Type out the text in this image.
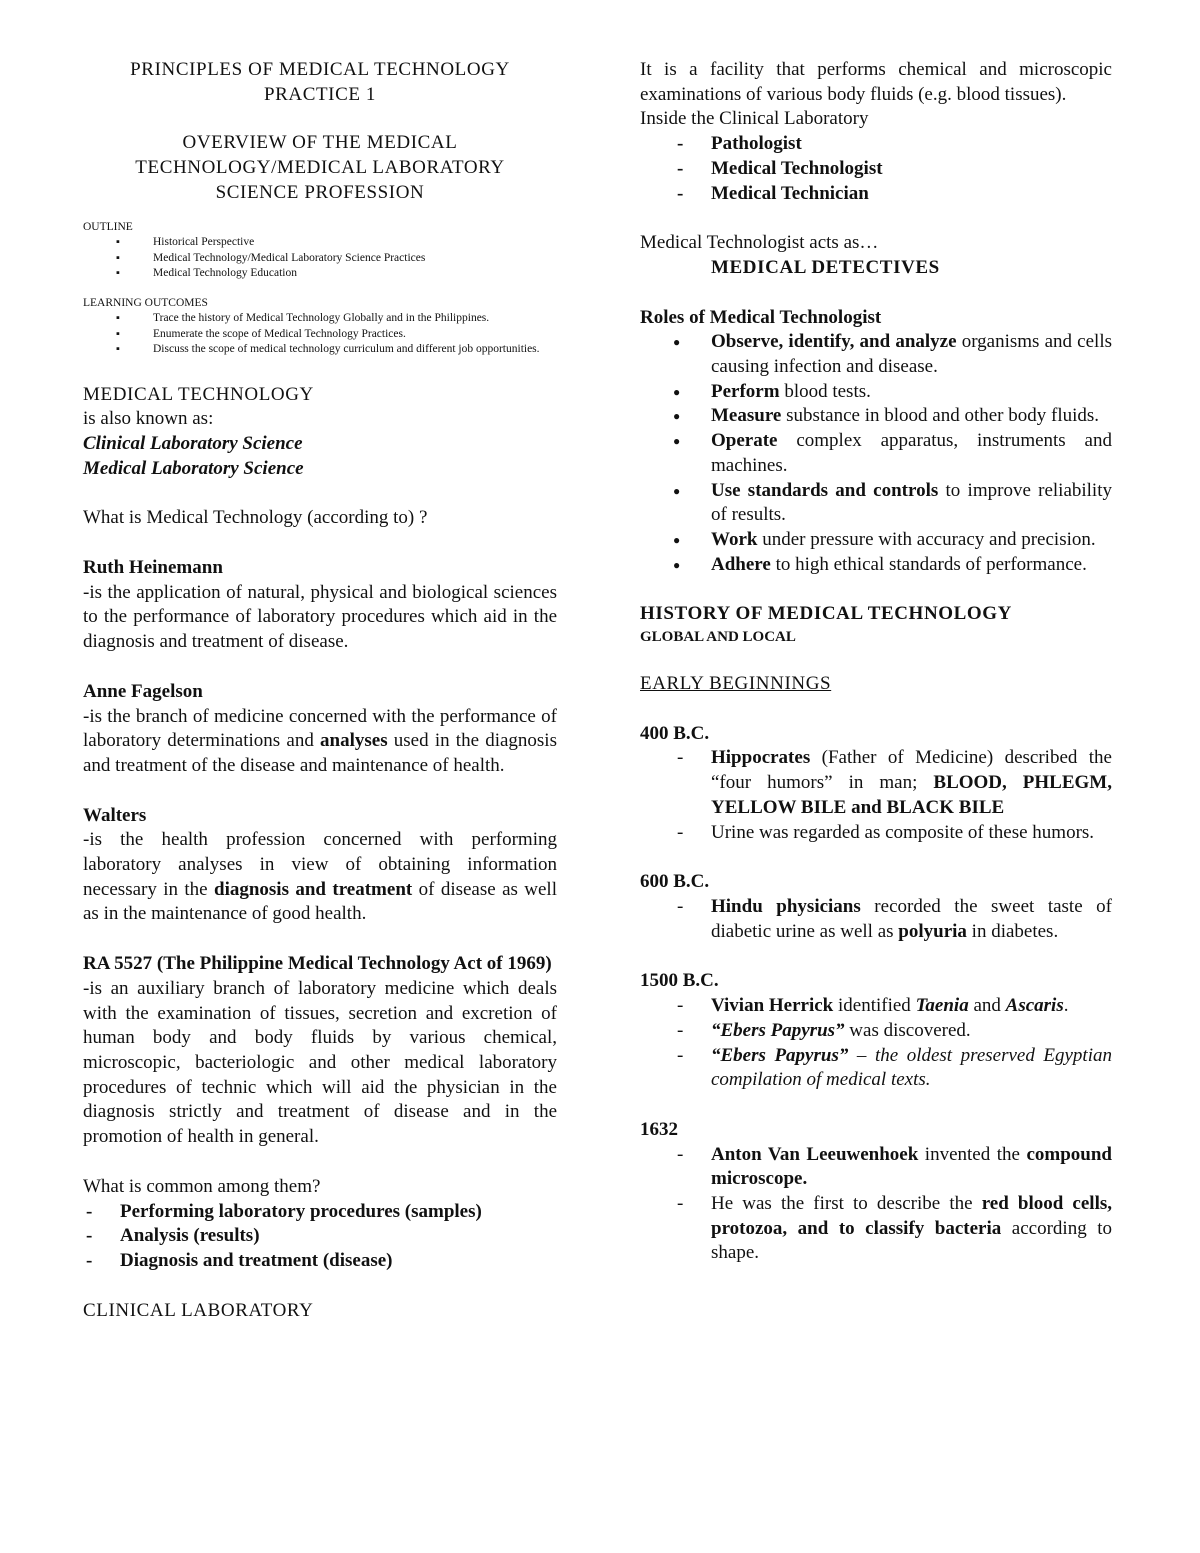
PRINCIPLES OF MEDICAL TECHNOLOGY

PRACTICE 1

OVERVIEW OF THE MEDICAL

TECHNOLOGY/MEDICAL LABORATORY

SCIENCE PROFESSION

OUTLINE

▪ Historical Perspective
▪ Medical Technology/Medical Laboratory Science Practices
▪ Medical Technology Education

LEARNING OUTCOMES

▪ Trace the history of Medical Technology Globally and in the Philippines.
▪ Enumerate the scope of Medical Technology Practices.
▪ Discuss the scope of medical technology curriculum and different job opportunities.

MEDICAL TECHNOLOGY

is also known as:

Clinical Laboratory Science

Medical Laboratory Science

What is Medical Technology (according to) ?

Ruth Heinemann

-is the application of natural, physical and biological sciences to the performance of laboratory procedures which aid in the diagnosis and treatment of disease.

Anne Fagelson

-is the branch of medicine concerned with the performance of laboratory determinations and analyses used in the diagnosis and treatment of the disease and maintenance of health.

Walters

-is the health profession concerned with performing laboratory analyses in view of obtaining information necessary in the diagnosis and treatment of disease as well as in the maintenance of good health.

RA 5527 (The Philippine Medical Technology Act of 1969)

-is an auxiliary branch of laboratory medicine which deals with the examination of tissues, secretion and excretion of human body and body fluids by various chemical, microscopic, bacteriologic and other medical laboratory procedures of technic which will aid the physician in the diagnosis strictly and treatment of disease and in the promotion of health in general.

What is common among them?

- Performing laboratory procedures (samples)
- Analysis (results)
- Diagnosis and treatment (disease)

CLINICAL LABORATORY

It is a facility that performs chemical and microscopic examinations of various body fluids (e.g. blood tissues).

Inside the Clinical Laboratory

- Pathologist
- Medical Technologist
- Medical Technician

Medical Technologist acts as…

MEDICAL DETECTIVES

Roles of Medical Technologist

● Observe, identify, and analyze organisms and cells causing infection and disease.
● Perform blood tests.
● Measure substance in blood and other body fluids.
● Operate complex apparatus, instruments and machines.
● Use standards and controls to improve reliability of results.
● Work under pressure with accuracy and precision.
● Adhere to high ethical standards of performance.

HISTORY OF MEDICAL TECHNOLOGY

GLOBAL AND LOCAL

EARLY BEGINNINGS

400 B.C.

- Hippocrates (Father of Medicine) described the “four humors” in man; BLOOD, PHLEGM, YELLOW BILE and BLACK BILE
- Urine was regarded as composite of these humors.

600 B.C.

- Hindu physicians recorded the sweet taste of diabetic urine as well as polyuria in diabetes.

1500 B.C.

- Vivian Herrick identified Taenia and Ascaris.
- “Ebers Papyrus” was discovered.
- “Ebers Papyrus” – the oldest preserved Egyptian compilation of medical texts.

1632

- Anton Van Leeuwenhoek invented the compound microscope.
- He was the first to describe the red blood cells, protozoa, and to classify bacteria according to shape.
